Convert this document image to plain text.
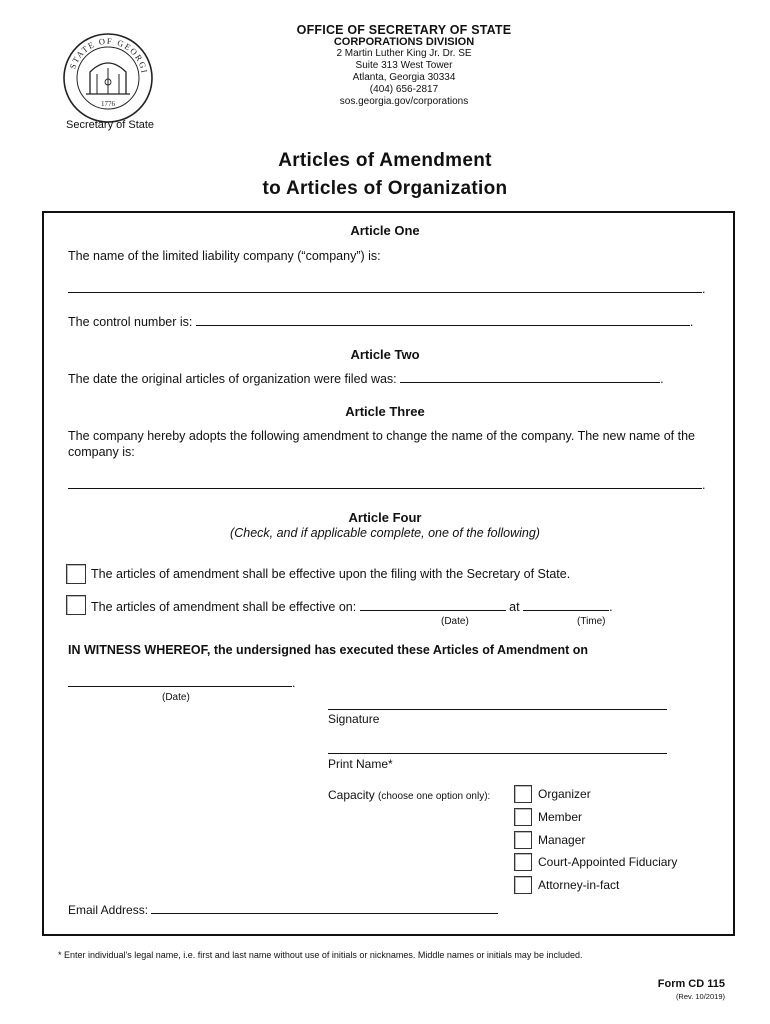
STATE OF GEORGI
1776
Secretary of State
OFFICE OF SECRETARY OF STATE
CORPORATIONS DIVISION
2 Martin Luther King Jr. Dr. SE
Suite 313 West Tower
Atlanta, Georgia 30334
(404) 656-2817
sos.georgia.gov/corporations
Articles of Amendment
to Articles of Organization
Article One
The name of the limited liability company (“company”) is:
.
The control number is:	.
Article Two
The date the original articles of organization were filed was:	.
Article Three
The company hereby adopts the following amendment to change the name of the company. The new name of the company is:
.
Article Four
(Check, and if applicable complete, one of the following)
The articles of amendment shall be effective upon the filing with the Secretary of State.
The articles of amendment shall be effective on:	at	.
(Date)	(Time)
IN WITNESS WHEREOF, the undersigned has executed these Articles of Amendment on
.
(Date)
Signature
Print Name*
Capacity (choose one option only):	Organizer
Member
Manager
Court-Appointed Fiduciary
Attorney-in-fact
Email Address:
* Enter individual's legal name, i.e. first and last name without use of initials or nicknames. Middle names or initials may be included.
Form CD 115
(Rev. 10/2019)
